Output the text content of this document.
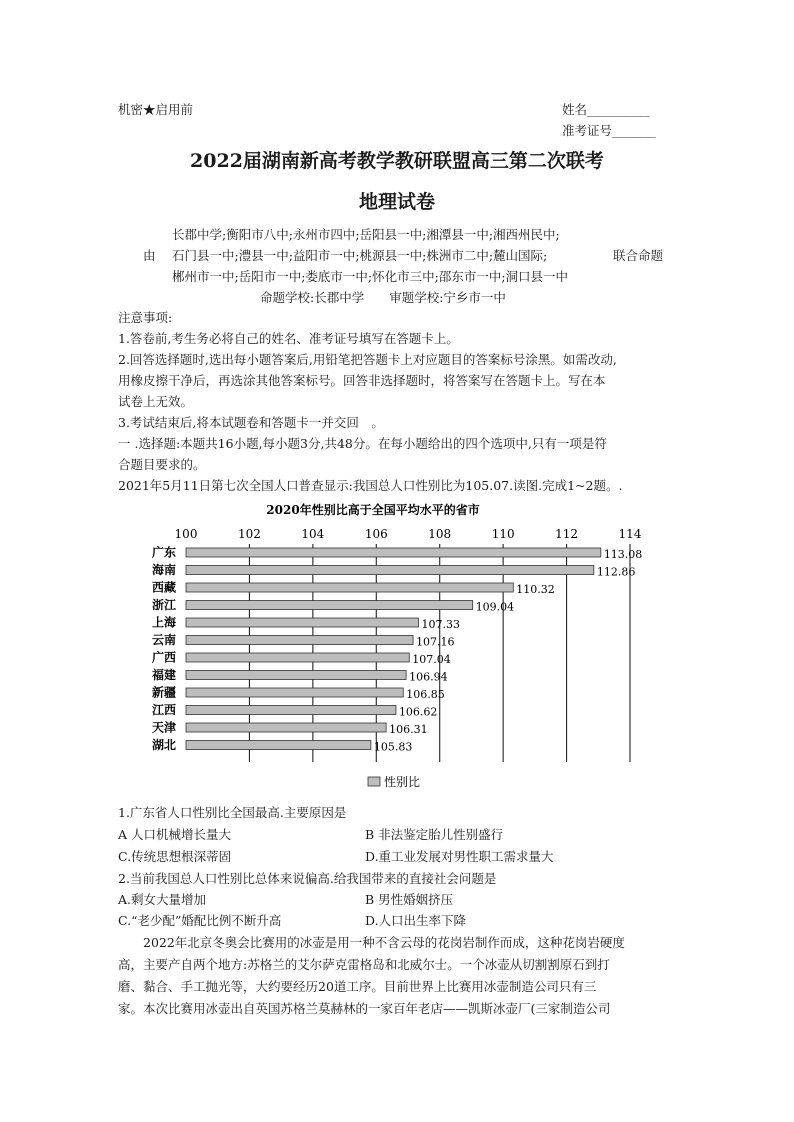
机密★启用前	姓名__________
准考证号_______
2022届湖南新高考教学教研联盟高三第二次联考
地理试卷
长郡中学;衡阳市八中;永州市四中;岳阳县一中;湘潭县一中;湘西州民中;
由 石门县一中;澧县一中;益阳市一中;桃源县一中;株洲市二中;麓山国际;	联合命题
郴州市一中;岳阳市一中;娄底市一中;怀化市三中;邵东市一中;洞口县一中
命题学校:长郡中学　　审题学校:宁乡市一中
注意事项:
1.答卷前,考生务必将自己的姓名、准考证号填写在答题卡上。
2.回答选择题时,选出每小题答案后,用铅笔把答题卡上对应题目的答案标号涂黑。如需改动,
用橡皮擦干净后，再选涂其他答案标号。回答非选择题时，将答案写在答题卡上。写在本
试卷上无效。
3.考试结束后,将本试题卷和答题卡一并交回　。
一 .选择题:本题共16小题,每小题3分,共48分。在每小题给出的四个选项中,只有一项是符
合题目要求的。
2021年5月11日第七次全国人口普查显示:我国总人口性别比为105.07.读图.完成1~2题。.
2020年性别比高于全国平均水平的省市
100	102	104	106	108	110	112	114
广东	113.08
海南	112.86
西藏	110.32
浙江	109.04
上海	107.33
云南	107.16
广西	107.04
福建	106.94
新疆	106.85
江西	106.62
天津	106.31
湖北	105.83
性别比
1.广东省人口性别比全国最高.主要原因是
A 人口机械增长量大	B 非法鉴定胎儿性别盛行
C.传统思想根深蒂固	D.重工业发展对男性职工需求量大
2.当前我国总人口性别比总体来说偏高.给我国带来的直接社会问题是
A.剩女大量增加	B 男性婚姻挤压
C.“老少配”婚配比例不断升高	D.人口出生率下降
2022年北京冬奥会比赛用的冰壶是用一种不含云母的花岗岩制作而成，这种花岗岩硬度
高，主要产自两个地方:苏格兰的艾尔萨克雷格岛和北威尔士。一个冰壶从切割割原石到打
磨、黏合、手工抛光等，大约要经历20道工序。目前世界上比赛用冰壶制造公司只有三
家。本次比赛用冰壶出自英国苏格兰莫赫林的一家百年老店——凯斯冰壶厂(三家制造公司
